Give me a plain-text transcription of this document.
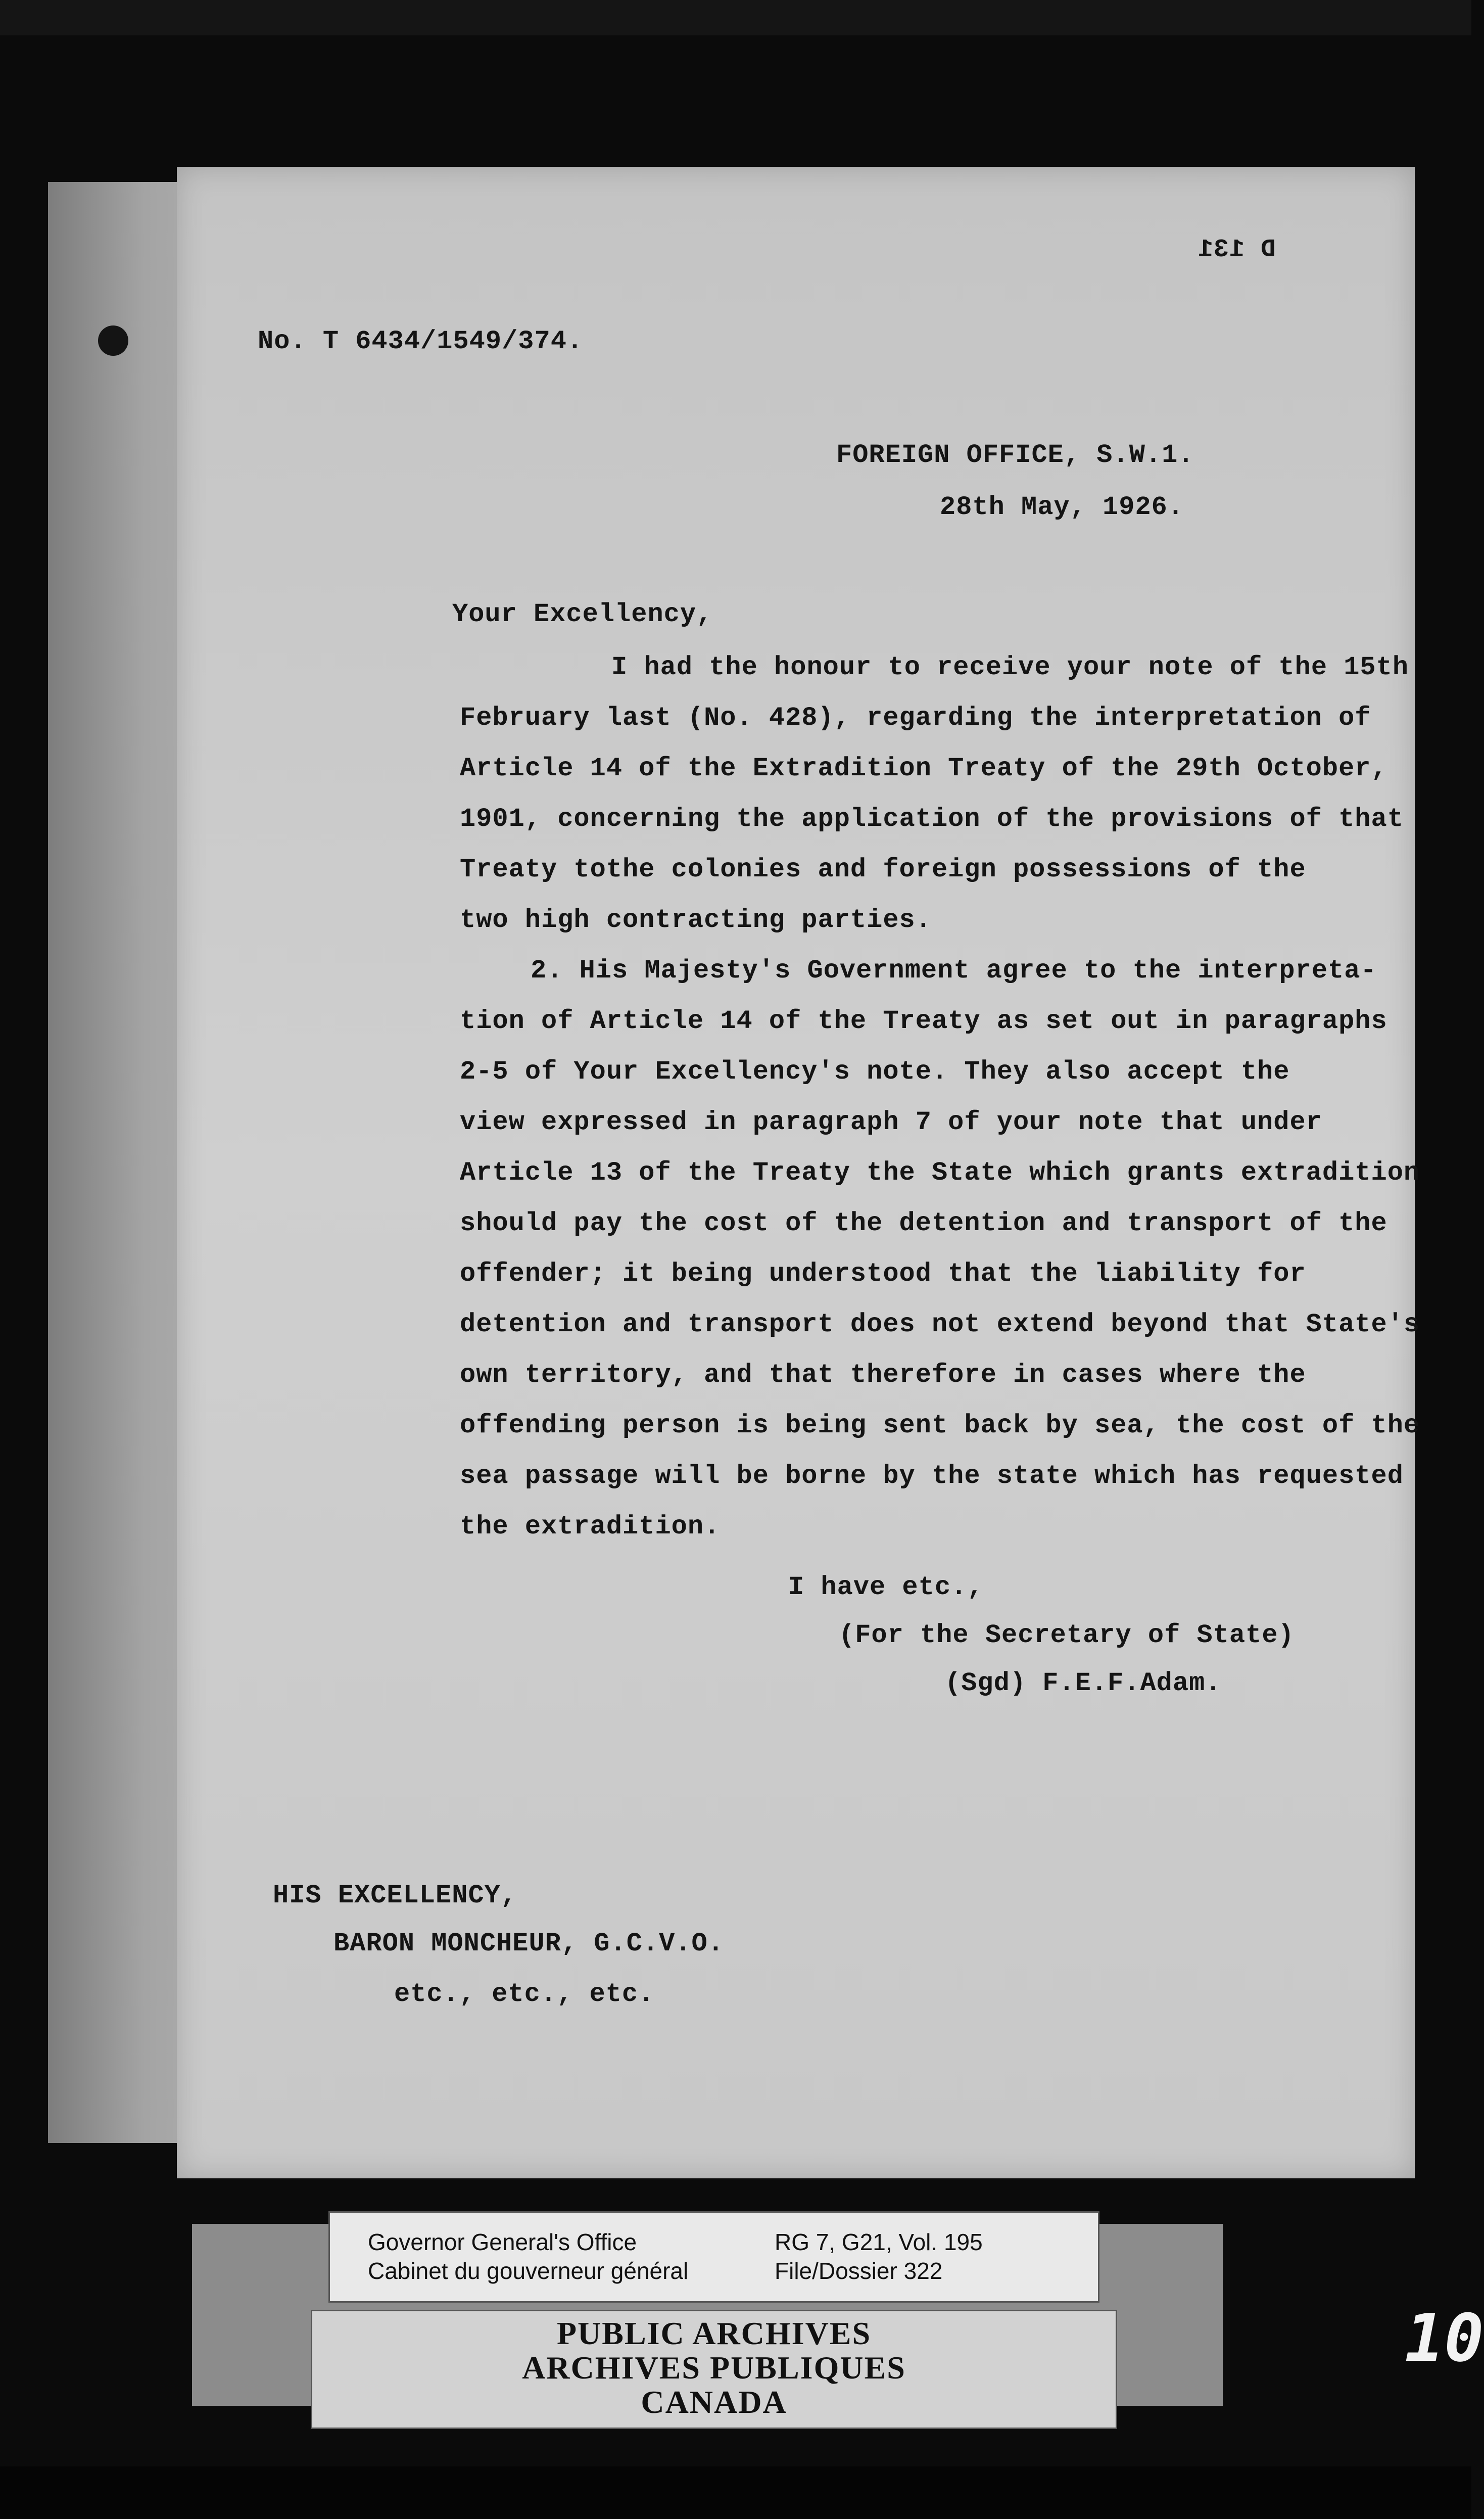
D 131
No. T 6434/1549/374.
FOREIGN OFFICE, S.W.1.
28th May, 1926.
Your Excellency,
I had the honour to receive your note of the 15th
February last (No. 428), regarding the interpretation of
Article 14 of the Extradition Treaty of the 29th October,
1901, concerning the application of the provisions of that
Treaty tothe colonies and foreign possessions of the
two high contracting parties.
2. His Majesty's Government agree to the interpreta-
tion of Article 14 of the Treaty as set out in paragraphs
2-5 of Your Excellency's note. They also accept the
view expressed in paragraph 7 of your note that under
Article 13 of the Treaty the State which grants extradition
should pay the cost of the detention and transport of the
offender; it being understood that the liability for
detention and transport does not extend beyond that State's
own territory, and that therefore in cases where the
offending person is being sent back by sea, the cost of the
sea passage will be borne by the state which has requested
the extradition.
I have etc.,
(For the Secretary of State)
(Sgd) F.E.F.Adam.
HIS EXCELLENCY,
BARON MONCHEUR, G.C.V.O.
etc., etc., etc.
Governor General's Office
Cabinet du gouverneur général
RG 7, G21, Vol. 195
File/Dossier 322
PUBLIC ARCHIVES
ARCHIVES PUBLIQUES
CANADA
10
